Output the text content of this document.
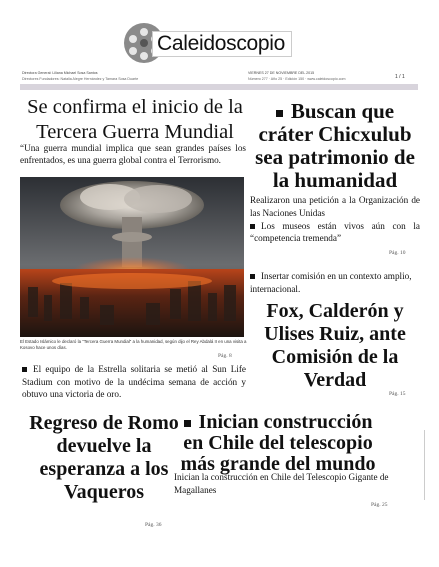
Caleidoscopio
Directora General: Liliana Michael Sosa Santos
Directores Fundadores: Natalia Alegre Hernández y Tamara Sosa Duarte
VIERNES 27 DE NOVIEMBRE DEL 2015
Número 277 · Año 25 · Edición 150 · www.caleidoscopio.com	1 / 1
Se confirma el inicio de la Tercera Guerra Mundial
“Una guerra mundial implica que sean grandes países los enfrentados, es una guerra global contra el Terrorismo.
El Estado Islámico le declaró la “Tercera Guerra Mundial” a la humanidad, según dijo el Rey Abdalá II en una visita a Kosovo hace unos días.
Pág. 8
El equipo de la Estrella solitaria se metió al Sun Life Stadium con motivo de la undécima semana de acción y obtuvo una victoria de oro.
Regreso de Romo devuelve la esperanza a los Vaqueros
Pág. 36
Buscan que cráter Chicxulub sea patrimonio de la humanidad
Realizaron una petición a la Organización de las Naciones Unidas
Los museos están vivos aún con la “competencia tremenda”
Pág. 10
Insertar comisión en un contexto amplio, internacional.
Fox, Calderón y Ulises Ruiz, ante Comisión de la Verdad
Pág. 15
Inician construcción en Chile del telescopio más grande del mundo
Inician la construcción en Chile del Telescopio Gigante de Magallanes
Pág. 25
